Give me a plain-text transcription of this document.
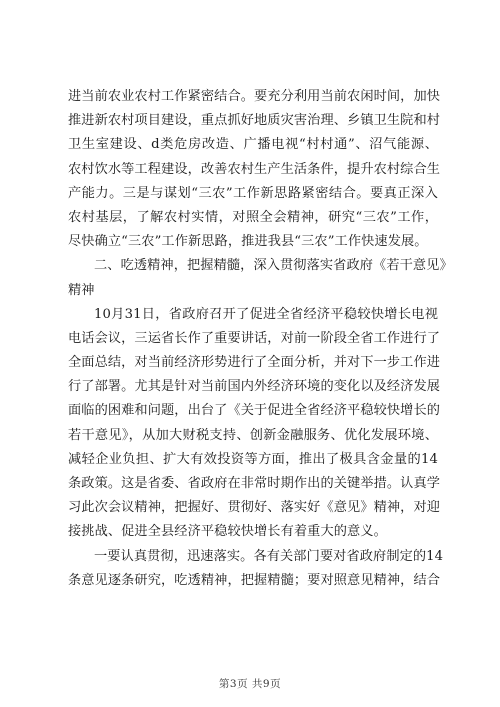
进当前农业农村工作紧密结合。要充分利用当前农闲时间，加快
推进新农村项目建设，重点抓好地质灾害治理、乡镇卫生院和村
卫生室建设、d类危房改造、广播电视“村村通”、沼气能源、
农村饮水等工程建设，改善农村生产生活条件，提升农村综合生
产能力。三是与谋划“三农”工作新思路紧密结合。要真正深入
农村基层，了解农村实情，对照全会精神，研究“三农”工作，
尽快确立“三农”工作新思路，推进我县“三农”工作快速发展。
二、吃透精神，把握精髓，深入贯彻落实省政府《若干意见》
精神
10月31日，省政府召开了促进全省经济平稳较快增长电视
电话会议，三运省长作了重要讲话，对前一阶段全省工作进行了
全面总结，对当前经济形势进行了全面分析，并对下一步工作进
行了部署。尤其是针对当前国内外经济环境的变化以及经济发展
面临的困难和问题，出台了《关于促进全省经济平稳较快增长的
若干意见》，从加大财税支持、创新金融服务、优化发展环境、
减轻企业负担、扩大有效投资等方面，推出了极具含金量的14
条政策。这是省委、省政府在非常时期作出的关键举措。认真学
习此次会议精神，把握好、贯彻好、落实好《意见》精神，对迎
接挑战、促进全县经济平稳较快增长有着重大的意义。
一要认真贯彻，迅速落实。各有关部门要对省政府制定的14
条意见逐条研究，吃透精神，把握精髓；要对照意见精神，结合
第3页 共9页
